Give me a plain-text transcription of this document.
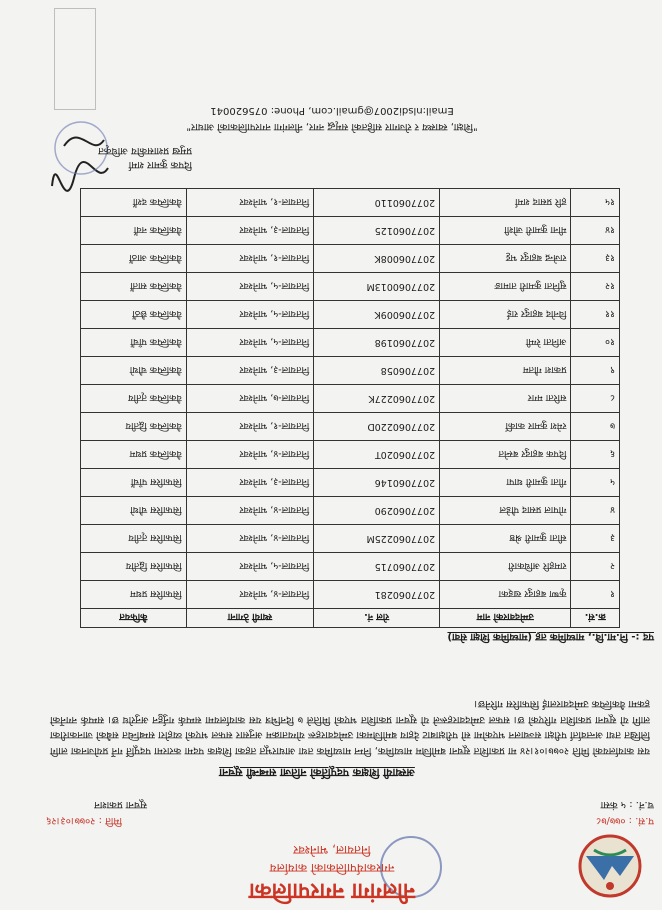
नीलगंगा नगरपालिका
नगरकार्यपालिकाको कार्यालय
नितयाल, भानेश्वर
प.सं. : ०७७/७८
च.नं. : ५ कंसा
मिति : २०७७।०३।२६
सूचना प्रकाशन
अस्थायी शिक्षक पदपूर्तिको नतिजा सम्बन्धी सूचना
यस कार्यालयको मिति २०७७।०१।२४ मा प्रकाशित सूचना बमोजिम माध्यमिक, निम्न माध्यमिक तथा आधारभूत तहका शिक्षक पदमा करारमा पदपूर्ति गर्ने प्रयोजनका लागि लिखित तथा अन्तर्वार्ता परीक्षा सञ्चालन भएकोमा सो परीक्षाबाट देहाय बमोजिमका उम्मेदवारहरू योग्यताक्रम अनुसार सफल भएको व्यहोरा सम्बन्धित सबैको जानकारीका लागि यो सूचना प्रकाशित गरिएको छ। सफल उम्मेदवारहरूले यो सूचना प्रकाशित भएको मितिले ७ दिनभित्र यस कार्यालयमा सम्पर्क गर्नुहुन अनुरोध छ। सम्पर्क नगर्नेको हकमा वैकल्पिक उम्मेदवारलाई सिफारिस गरिनेछ।
पद :- नि.मा.वि., माध्यमिक तह (माध्यमिक शिक्षा सेवा)
क्र.सं.	उम्मेदवारको नाम	रोल नं.	स्थायी ठेगाना	कैफियत
१	कृष्ण बहादुर खड्का	2077060281	नितयाल-४, भानेश्वर	सिफारिस प्रथम
२	रामहरि अधिकारी	2077060715	नितयाल-५, भानेश्वर	सिफारिस द्वितीय
३	सीता कुमारी श्रेष्ठ	2077060225M	नितयाल-४, भानेश्वर	सिफारिस तृतीय
४	गोपाल प्रसाद पौडेल	2077060290	नितयाल-४, भानेश्वर	सिफारिस चौथो
५	गीता कुमारी थापा	2077060146	नितयाल-३, भानेश्वर	सिफारिस पाँचौं
६	दिपक बहादुर बस्नेत	207706020T	नितयाल-४, भानेश्वर	वैकल्पिक प्रथम
७	रमेश कुमार कार्की	2077060220D	नितयाल-१, भानेश्वर	वैकल्पिक द्वितीय
८	सरिता मगर	2077060227K	नितयाल-७, भानेश्वर	वैकल्पिक तृतीय
९	प्रकाश गौतम	207706058	नितयाल-३, भानेश्वर	वैकल्पिक चौथो
१०	अनिता रेग्मी	2077060198	नितयाल-५, भानेश्वर	वैकल्पिक पाँचौं
११	विनोद बहादुर राई	207706009K	नितयाल-५, भानेश्वर	वैकल्पिक छैठौं
१२	सुनिता कुमारी तामाङ	2077060013M	नितयाल-५, भानेश्वर	वैकल्पिक सातौं
१३	राजेन्द्र बहादुर भट्ट	207706008K	नितयाल-१, भानेश्वर	वैकल्पिक आठौं
१४	मीना कुमारी जोशी	2077060125	नितयाल-३, भानेश्वर	वैकल्पिक नवौं
१५	हरि प्रसाद शर्मा	2077060110	नितयाल-१, भानेश्वर	वैकल्पिक दशौं
दिपक कुमार शर्मा
प्रमुख प्रशासकीय अधिकृत
"शिक्षा, स्वास्थ्य र रोजगार सहितको समृद्ध नगर, नीलगंगा नगरपालिकाको आधार"
Email:nlsdi2007@gmail.com, Phone: 075620041
